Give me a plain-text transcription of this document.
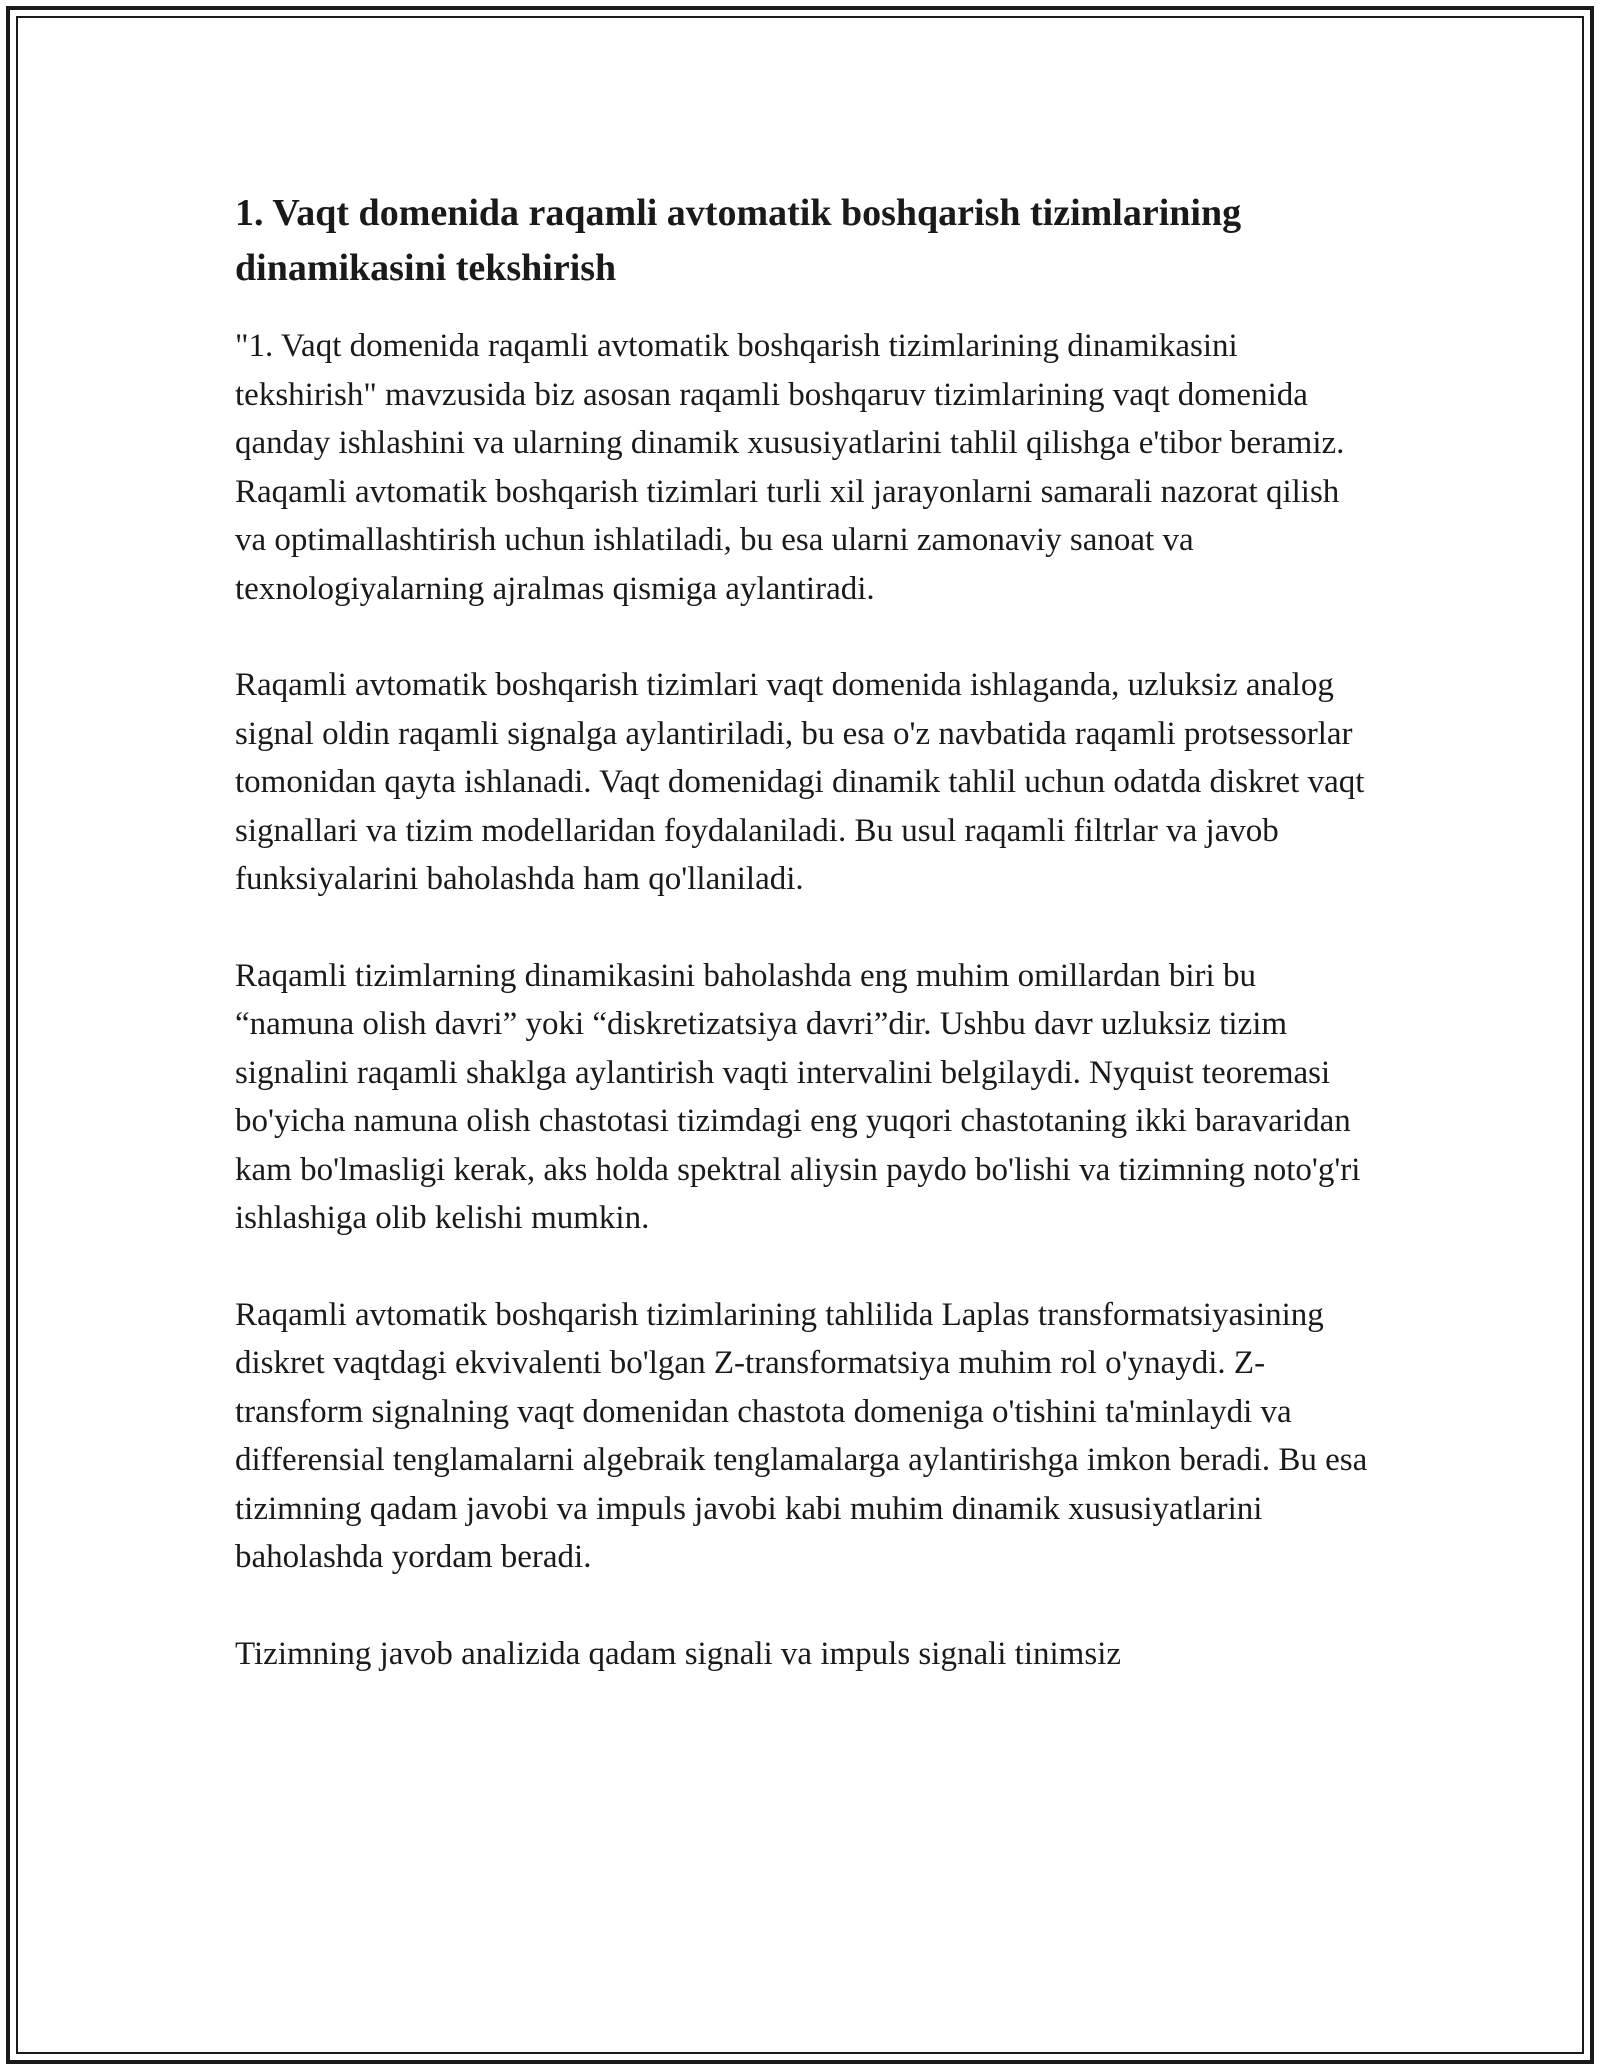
1. Vaqt domenida raqamli avtomatik boshqarish tizimlarining dinamikasini tekshirish

"1. Vaqt domenida raqamli avtomatik boshqarish tizimlarining dinamikasini tekshirish" mavzusida biz asosan raqamli boshqaruv tizimlarining vaqt domenida qanday ishlashini va ularning dinamik xususiyatlarini tahlil qilishga e'tibor beramiz. Raqamli avtomatik boshqarish tizimlari turli xil jarayonlarni samarali nazorat qilish va optimallashtirish uchun ishlatiladi, bu esa ularni zamonaviy sanoat va texnologiyalarning ajralmas qismiga aylantiradi.

Raqamli avtomatik boshqarish tizimlari vaqt domenida ishlaganda, uzluksiz analog signal oldin raqamli signalga aylantiriladi, bu esa o'z navbatida raqamli protsessorlar tomonidan qayta ishlanadi. Vaqt domenidagi dinamik tahlil uchun odatda diskret vaqt signallari va tizim modellaridan foydalaniladi. Bu usul raqamli filtrlar va javob funksiyalarini baholashda ham qo'llaniladi.

Raqamli tizimlarning dinamikasini baholashda eng muhim omillardan biri bu “namuna olish davri” yoki “diskretizatsiya davri”dir. Ushbu davr uzluksiz tizim signalini raqamli shaklga aylantirish vaqti intervalini belgilaydi. Nyquist teoremasi bo'yicha namuna olish chastotasi tizimdagi eng yuqori chastotaning ikki baravaridan kam bo'lmasligi kerak, aks holda spektral aliysin paydo bo'lishi va tizimning noto'g'ri ishlashiga olib kelishi mumkin.

Raqamli avtomatik boshqarish tizimlarining tahlilida Laplas transformatsiyasining diskret vaqtdagi ekvivalenti bo'lgan Z-transformatsiya muhim rol o'ynaydi. Z-transform signalning vaqt domenidan chastota domeniga o'tishini ta'minlaydi va differensial tenglamalarni algebraik tenglamalarga aylantirishga imkon beradi. Bu esa tizimning qadam javobi va impuls javobi kabi muhim dinamik xususiyatlarini baholashda yordam beradi.

Tizimning javob analizida qadam signali va impuls signali tinimsiz
